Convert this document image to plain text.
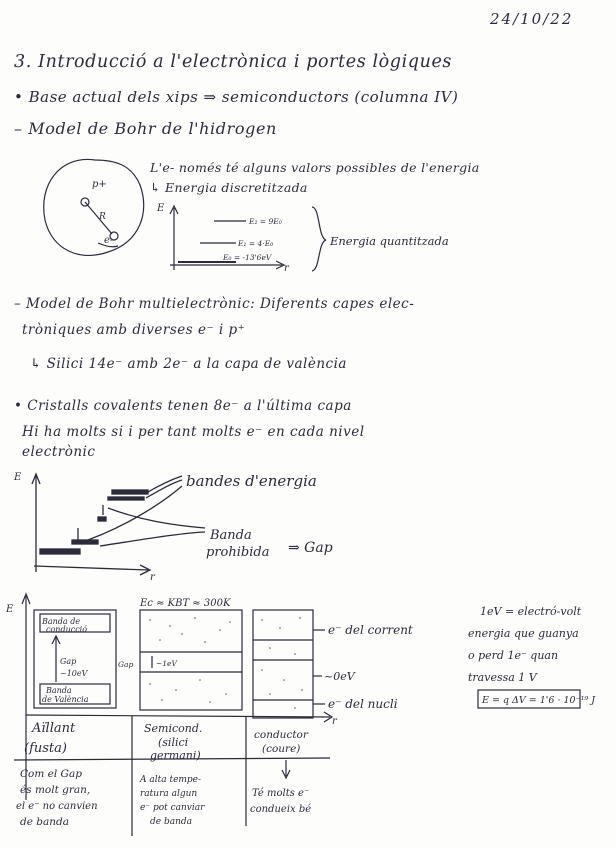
24/10/22
3. Introducció a l'electrònica i portes lògiques
• Base actual dels xips ⇒ semiconductors (columna IV)
– Model de Bohr de l'hidrogen
L'e- només té alguns valors possibles de l'energia
↳ Energia discretitzada
– Model de Bohr multielectrònic: Diferents capes elec-
tròniques amb diverses e⁻ i p⁺
↳ Silici 14e⁻ amb 2e⁻ a la capa de valència
• Cristalls covalents tenen 8e⁻ a l'última capa
Hi ha molts si i per tant molts e⁻ en cada nivel
electrònic
1eV = electró-volt
energia que guanya
o perd 1e⁻ quan
travessa 1 V
p+
R
e-
E
r
E₂ = 9E₀
E₁ = 4·E₀
E₀ = -13'6eV
Energia quantitzada
E
r
bandes d'energia
Banda
prohibida ⇒ Gap
E
Ec ≈ KBT ≈ 300K
Banda de
conducció
Gap
~10eV
Banda
de València
Gap	~1eV
e⁻ del corrent
~0eV
e⁻ del nucli
r
E = q ΔV = 1'6 · 10⁻¹⁹ J
Aïllant
(fusta)
Semicond.
(silici
germani)
conductor
(coure)
Com el Gap
és molt gran,
el e⁻ no canvien
de banda
A alta tempe-
ratura algun
e⁻ pot canviar
de banda
Té molts e⁻
condueix bé
